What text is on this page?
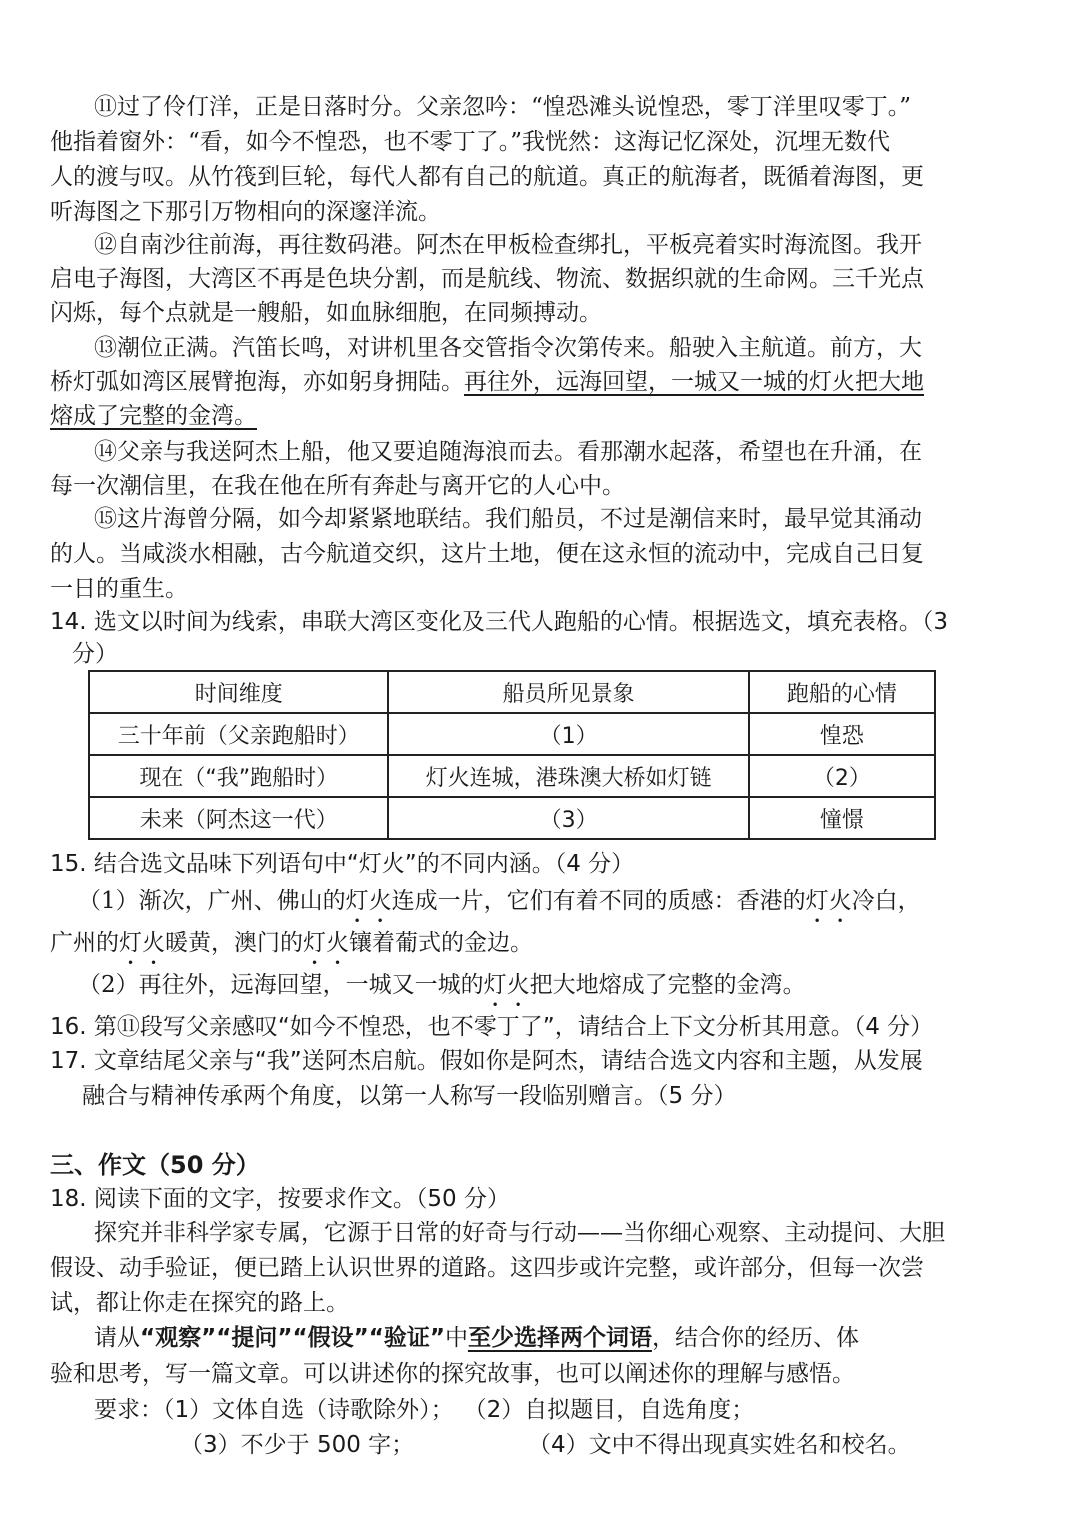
⑪过了伶仃洋，正是日落时分。父亲忽吟：“惶恐滩头说惶恐，零丁洋里叹零丁。”
他指着窗外：“看，如今不惶恐，也不零丁了。”我恍然：这海记忆深处，沉埋无数代
人的渡与叹。从竹筏到巨轮，每代人都有自己的航道。真正的航海者，既循着海图，更
听海图之下那引万物相向的深邃洋流。
⑫自南沙往前海，再往数码港。阿杰在甲板检查绑扎，平板亮着实时海流图。我开
启电子海图，大湾区不再是色块分割，而是航线、物流、数据织就的生命网。三千光点
闪烁，每个点就是一艘船，如血脉细胞，在同频搏动。
⑬潮位正满。汽笛长鸣，对讲机里各交管指令次第传来。船驶入主航道。前方，大
桥灯弧如湾区展臂抱海，亦如躬身拥陆。再往外，远海回望，一城又一城的灯火把大地
熔成了完整的金湾。
⑭父亲与我送阿杰上船，他又要追随海浪而去。看那潮水起落，希望也在升涌，在
每一次潮信里，在我在他在所有奔赴与离开它的人心中。
⑮这片海曾分隔，如今却紧紧地联结。我们船员，不过是潮信来时，最早觉其涌动
的人。当咸淡水相融，古今航道交织，这片土地，便在这永恒的流动中，完成自己日复
一日的重生。
14. 选文以时间为线索，串联大湾区变化及三代人跑船的心情。根据选文，填充表格。（3
分）
时间维度	船员所见景象	跑船的心情
三十年前（父亲跑船时）	（1）	惶恐
现在（“我”跑船时）	灯火连城，港珠澳大桥如灯链	（2）
未来（阿杰这一代）	（3）	憧憬
15. 结合选文品味下列语句中“灯火”的不同内涵。（4 分）
（1）渐次，广州、佛山的灯火连成一片，它们有着不同的质感：香港的灯火冷白，
广州的灯火暖黄，澳门的灯火镶着葡式的金边。
（2）再往外，远海回望，一城又一城的灯火把大地熔成了完整的金湾。
16. 第⑪段写父亲感叹“如今不惶恐，也不零丁了”，请结合上下文分析其用意。（4 分）
17. 文章结尾父亲与“我”送阿杰启航。假如你是阿杰，请结合选文内容和主题，从发展
融合与精神传承两个角度，以第一人称写一段临别赠言。（5 分）
三、作文（50 分）
18. 阅读下面的文字，按要求作文。（50 分）
探究并非科学家专属，它源于日常的好奇与行动——当你细心观察、主动提问、大胆
假设、动手验证，便已踏上认识世界的道路。这四步或许完整，或许部分，但每一次尝
试，都让你走在探究的路上。
请从“观察”“提问”“假设”“验证”中至少选择两个词语，结合你的经历、体
验和思考，写一篇文章。可以讲述你的探究故事，也可以阐述你的理解与感悟。
要求：（1）文体自选（诗歌除外）； （2）自拟题目，自选角度；
（3）不少于 500 字；	（4）文中不得出现真实姓名和校名。
